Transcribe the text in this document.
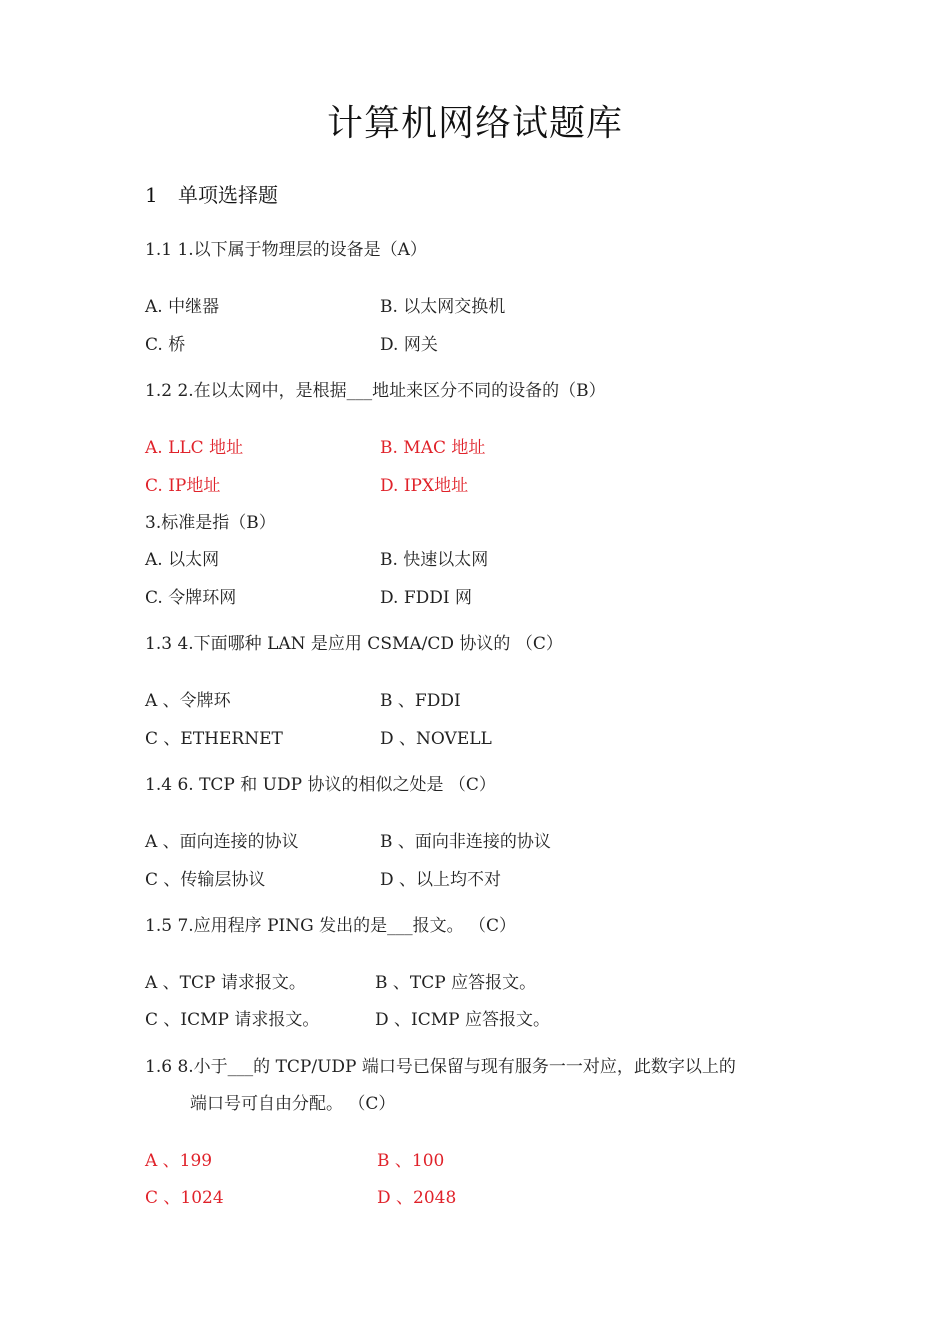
计算机网络试题库
1 单项选择题
1.1 1.以下属于物理层的设备是（A）
A. 中继器	B. 以太网交换机
C. 桥	D. 网关
1.2 2.在以太网中，是根据___地址来区分不同的设备的（B）
A. LLC 地址	B. MAC 地址
C. IP地址	D. IPX地址
3.标准是指（B）
A. 以太网	B. 快速以太网
C. 令牌环网	D. FDDI 网
1.3 4.下面哪种 LAN 是应用 CSMA/CD 协议的 （C）
A 、令牌环	B 、FDDI
C 、ETHERNET	D 、NOVELL
1.4 6. TCP 和 UDP 协议的相似之处是 （C）
A 、面向连接的协议	B 、面向非连接的协议
C 、传输层协议	D 、以上均不对
1.5 7.应用程序 PING 发出的是___报文。 （C）
A 、TCP 请求报文。	B 、TCP 应答报文。
C 、ICMP 请求报文。	D 、ICMP 应答报文。
1.6 8.小于___的 TCP/UDP 端口号已保留与现有服务一一对应，此数字以上的
端口号可自由分配。 （C）
A 、199	B 、100
C 、1024	D 、2048
